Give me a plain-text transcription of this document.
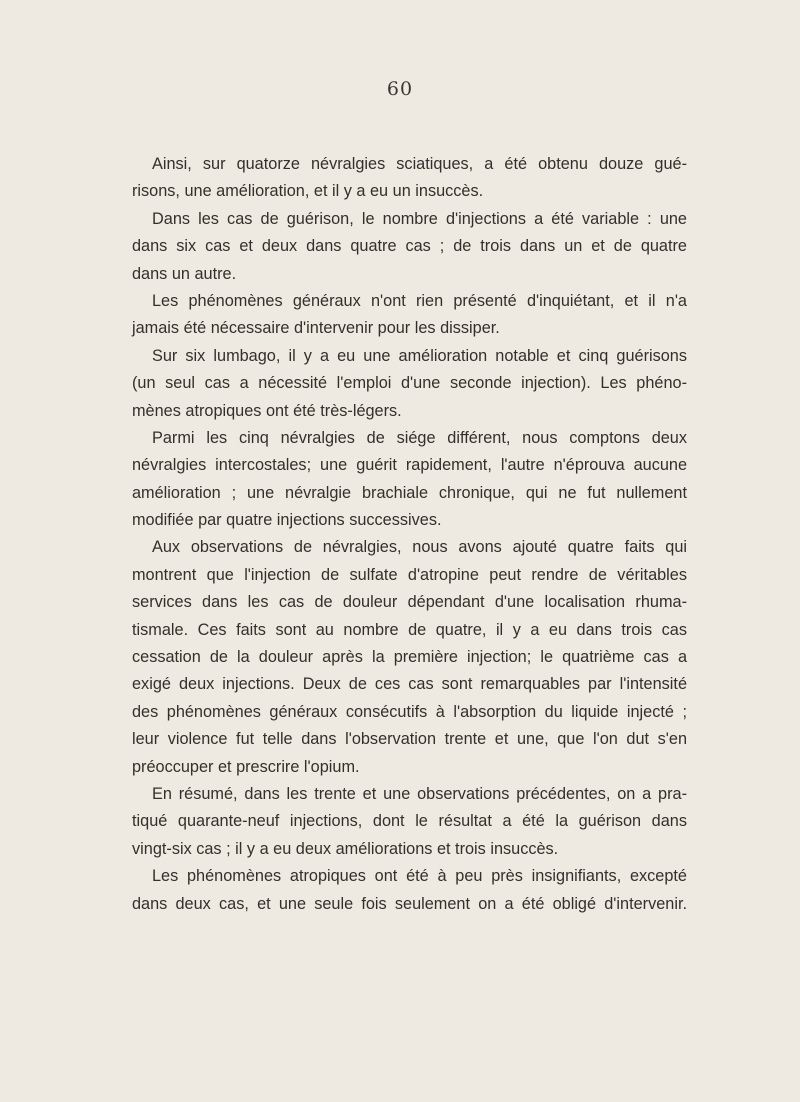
60
Ainsi, sur quatorze névralgies sciatiques, a été obtenu douze gué-
risons, une amélioration, et il y a eu un insuccès.
Dans les cas de guérison, le nombre d'injections a été variable : une
dans six cas et deux dans quatre cas ; de trois dans un et de quatre
dans un autre.
Les phénomènes généraux n'ont rien présenté d'inquiétant, et il n'a
jamais été nécessaire d'intervenir pour les dissiper.
Sur six lumbago, il y a eu une amélioration notable et cinq guérisons
(un seul cas a nécessité l'emploi d'une seconde injection). Les phéno-
mènes atropiques ont été très-légers.
Parmi les cinq névralgies de siége différent, nous comptons deux
névralgies intercostales; une guérit rapidement, l'autre n'éprouva aucune
amélioration ; une névralgie brachiale chronique, qui ne fut nullement
modifiée par quatre injections successives.
Aux observations de névralgies, nous avons ajouté quatre faits qui
montrent que l'injection de sulfate d'atropine peut rendre de véritables
services dans les cas de douleur dépendant d'une localisation rhuma-
tismale. Ces faits sont au nombre de quatre, il y a eu dans trois cas
cessation de la douleur après la première injection; le quatrième cas a
exigé deux injections. Deux de ces cas sont remarquables par l'intensité
des phénomènes généraux consécutifs à l'absorption du liquide injecté ;
leur violence fut telle dans l'observation trente et une, que l'on dut s'en
préoccuper et prescrire l'opium.
En résumé, dans les trente et une observations précédentes, on a pra-
tiqué quarante-neuf injections, dont le résultat a été la guérison dans
vingt-six cas ; il y a eu deux améliorations et trois insuccès.
Les phénomènes atropiques ont été à peu près insignifiants, excepté
dans deux cas, et une seule fois seulement on a été obligé d'intervenir.
